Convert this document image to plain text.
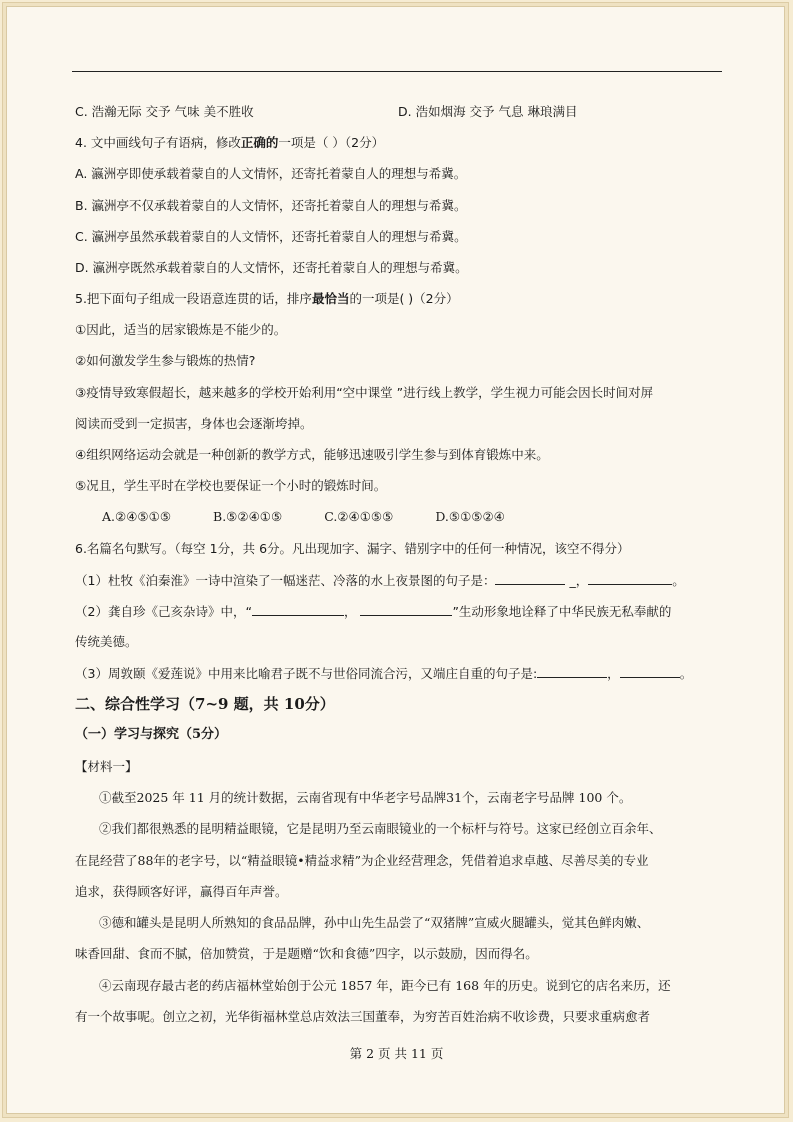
C. 浩瀚无际 交予 气味 美不胜收	D. 浩如烟海 交予 气息 琳琅满目
4. 文中画线句子有语病，修改正确的一项是（ ）（2分）
A. 瀛洲亭即使承载着蒙自的人文情怀，还寄托着蒙自人的理想与希冀。
B. 瀛洲亭不仅承载着蒙自的人文情怀，还寄托着蒙自人的理想与希冀。
C. 瀛洲亭虽然承载着蒙自的人文情怀，还寄托着蒙自人的理想与希冀。
D. 瀛洲亭既然承载着蒙自的人文情怀，还寄托着蒙自人的理想与希冀。
5.把下面句子组成一段语意连贯的话，排序最恰当的一项是( )（2分）
①因此，适当的居家锻炼是不能少的。
②如何激发学生参与锻炼的热情?
③疫情导致寒假超长，越来越多的学校开始利用“空中课堂 ”进行线上教学，学生视力可能会因长时间对屏
阅读而受到一定损害，身体也会逐渐垮掉。
④组织网络运动会就是一种创新的教学方式，能够迅速吸引学生参与到体育锻炼中来。
⑤况且，学生平时在学校也要保证一个小时的锻炼时间。
A.②④⑤①⑤	B.⑤②④①⑤	C.②④①⑤⑤	D.⑤①⑤②④
6.名篇名句默写。（每空 1分，共 6分。凡出现加字、漏字、错别字中的任何一种情况，该空不得分）
（1）杜牧《泊秦淮》一诗中渲染了一幅迷茫、冷落的水上夜景图的句子是：	_，	。
（2）龚自珍《己亥杂诗》中，“	，	”生动形象地诠释了中华民族无私奉献的
传统美德。
（3）周敦颐《爱莲说》中用来比喻君子既不与世俗同流合污，又端庄自重的句子是:	，	。
二、综合性学习（7~9 题，共 10分）
（一）学习与探究（5分）
【材料一】
①截至2025 年 11 月的统计数据，云南省现有中华老字号品牌31个，云南老字号品牌 100 个。
②我们都很熟悉的昆明精益眼镜，它是昆明乃至云南眼镜业的一个标杆与符号。这家已经创立百余年、
在昆经营了88年的老字号，以“精益眼镜•精益求精”为企业经营理念，凭借着追求卓越、尽善尽美的专业
追求，获得顾客好评，赢得百年声誉。
③德和罐头是昆明人所熟知的食品品牌，孙中山先生品尝了“双猪牌”宣威火腿罐头，觉其色鲜肉嫩、
味香回甜、食而不腻，倍加赞赏，于是题赠“饮和食德”四字，以示鼓励，因而得名。
④云南现存最古老的药店福林堂始创于公元 1857 年，距今已有 168 年的历史。说到它的店名来历，还
有一个故事呢。创立之初，光华街福林堂总店效法三国董奉，为穷苦百姓治病不收诊费，只要求重病愈者
第 2 页 共 11 页
